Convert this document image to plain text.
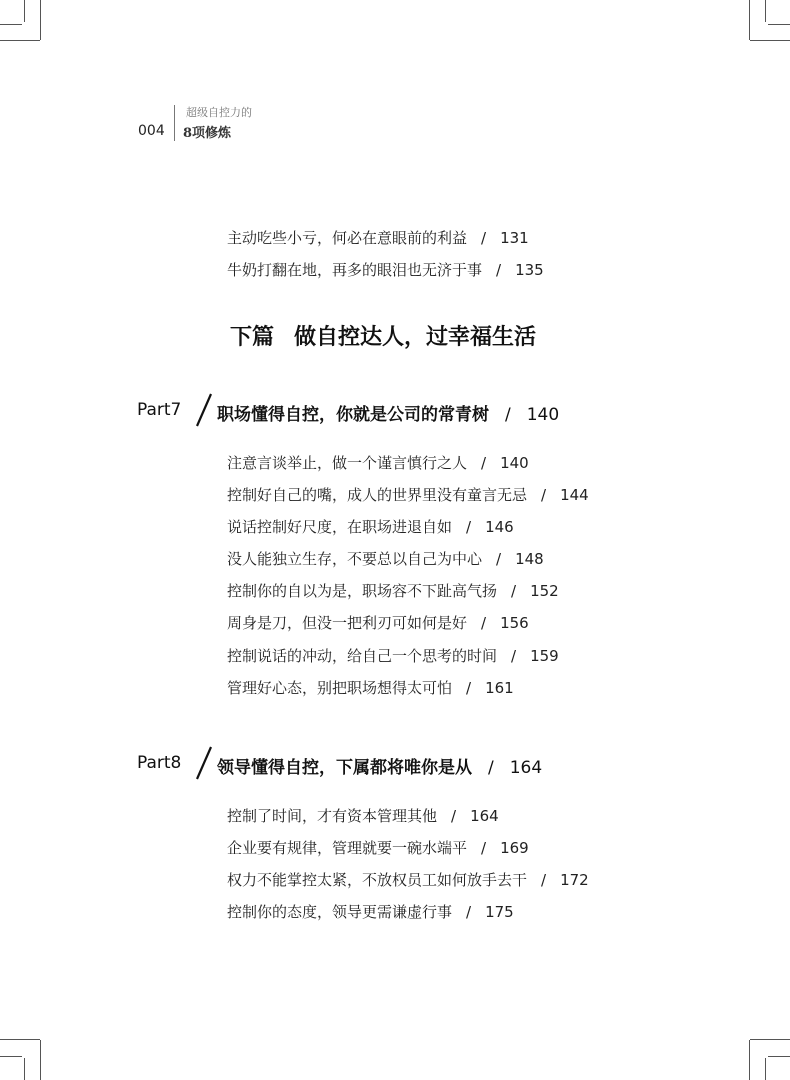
004
超级自控力的
8项修炼
主动吃些小亏，何必在意眼前的利益 / 131
牛奶打翻在地，再多的眼泪也无济于事 / 135
下篇 做自控达人，过幸福生活
Part7 职场懂得自控，你就是公司的常青树 / 140
注意言谈举止，做一个谨言慎行之人 / 140
控制好自己的嘴，成人的世界里没有童言无忌 / 144
说话控制好尺度，在职场进退自如 / 146
没人能独立生存，不要总以自己为中心 / 148
控制你的自以为是，职场容不下趾高气扬 / 152
周身是刀，但没一把利刃可如何是好 / 156
控制说话的冲动，给自己一个思考的时间 / 159
管理好心态，别把职场想得太可怕 / 161
Part8 领导懂得自控，下属都将唯你是从 / 164
控制了时间，才有资本管理其他 / 164
企业要有规律，管理就要一碗水端平 / 169
权力不能掌控太紧，不放权员工如何放手去干 / 172
控制你的态度，领导更需谦虚行事 / 175
